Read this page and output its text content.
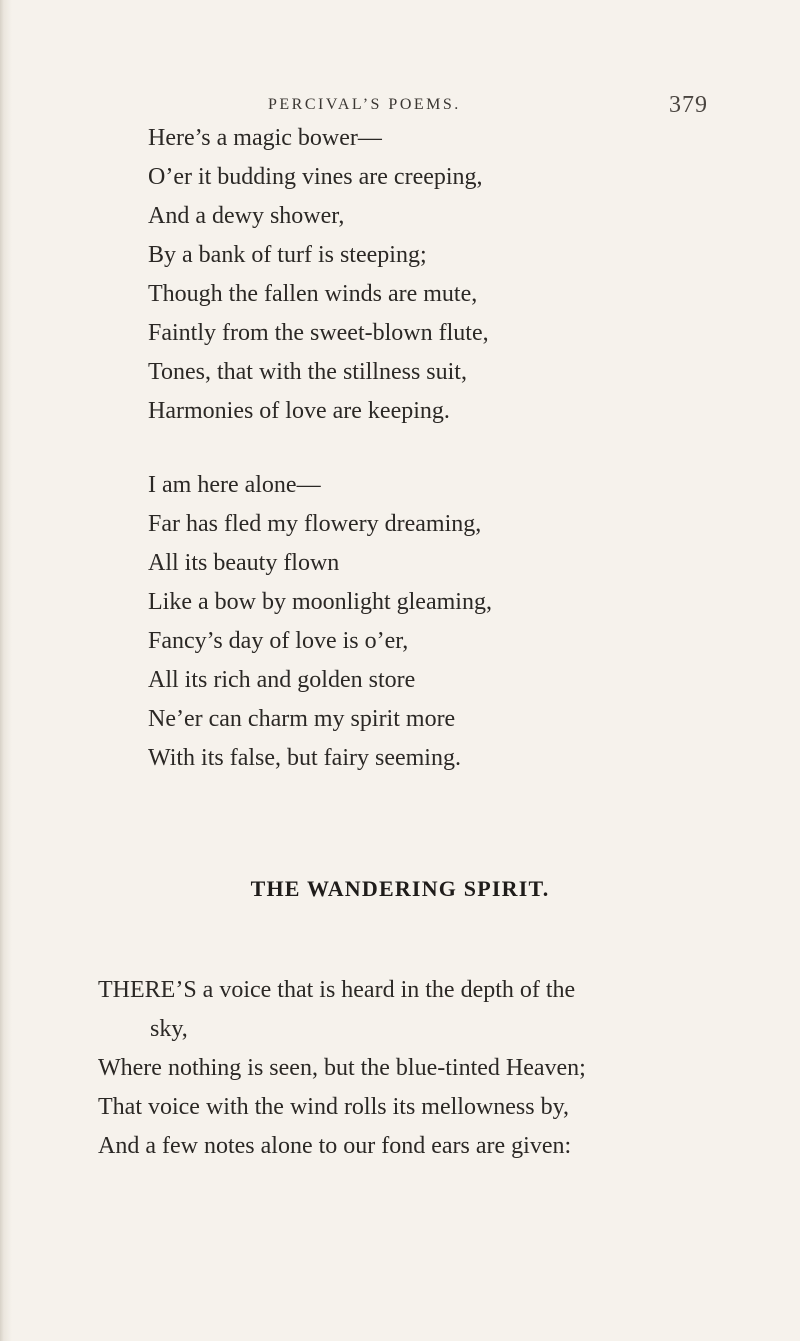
PERCIVAL’S POEMS.	379
Here’s a magic bower—
O’er it budding vines are creeping,
And a dewy shower,
By a bank of turf is steeping;
Though the fallen winds are mute,
Faintly from the sweet-blown flute,
Tones, that with the stillness suit,
Harmonies of love are keeping.
I am here alone—
Far has fled my flowery dreaming,
All its beauty flown
Like a bow by moonlight gleaming,
Fancy’s day of love is o’er,
All its rich and golden store
Ne’er can charm my spirit more
With its false, but fairy seeming.
THE WANDERING SPIRIT.
THERE’S a voice that is heard in the depth of the
sky,
Where nothing is seen, but the blue-tinted Heaven;
That voice with the wind rolls its mellowness by,
And a few notes alone to our fond ears are given:
